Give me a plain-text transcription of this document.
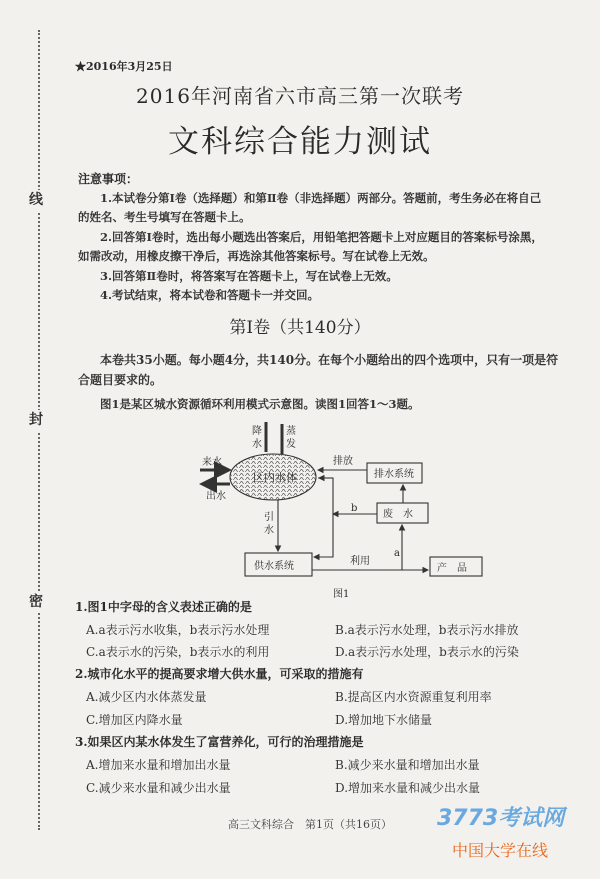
线
封
密
★2016年3月25日
2016年河南省六市高三第一次联考
文科综合能力测试
注意事项：
1.本试卷分第Ⅰ卷（选择题）和第Ⅱ卷（非选择题）两部分。答题前，考生务必在将自己
的姓名、考生号填写在答题卡上。
2.回答第Ⅰ卷时，选出每小题选出答案后，用铅笔把答题卡上对应题目的答案标号涂黑，
如需改动，用橡皮擦干净后，再选涂其他答案标号。写在试卷上无效。
3.回答第Ⅱ卷时，将答案写在答题卡上，写在试卷上无效。
4.考试结束，将本试卷和答题卡一并交回。
第Ⅰ卷（共140分）
本卷共35小题。每小题4分，共140分。在每个小题给出的四个选项中，只有一项是符
合题目要求的。
图1是某区城水资源循环利用模式示意图。读图1回答1～3题。
降
水
蒸
发
来水
出水
区内水体
排放
排水系统
废　水
b
引
水
供水系统	利用
a
产　品
图1
1.图1中字母的含义表述正确的是
A.a表示污水收集，b表示污水处理	B.a表示污水处理，b表示污水排放
C.a表示水的污染，b表示水的利用	D.a表示污水处理，b表示水的污染
2.城市化水平的提高要求增大供水量，可采取的措施有
A.减少区内水体蒸发量	B.提高区内水资源重复利用率
C.增加区内降水量	D.增加地下水储量
3.如果区内某水体发生了富营养化，可行的治理措施是
A.增加来水量和增加出水量	B.减少来水量和增加出水量
C.减少来水量和减少出水量	D.增加来水量和减少出水量
高三文科综合　第1页（共16页） 3773考试网
中国大学在线
